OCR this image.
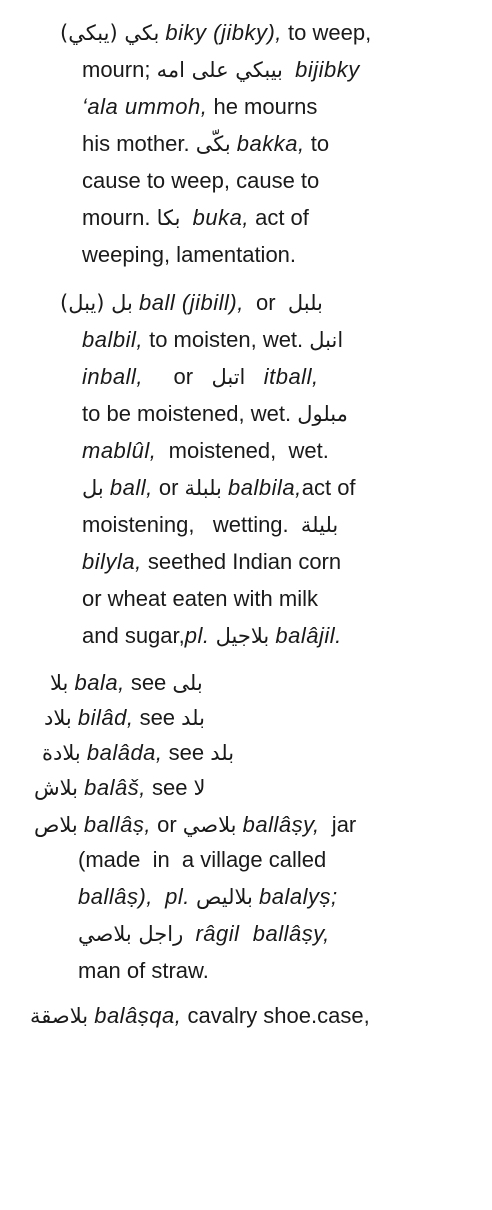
بكي (يبكي) biky (jibky), to weep,
mourn; بيبكي على امه  bijibky
‘ala ummoh, he mourns
his mother. بكّى bakka, to
cause to weep, cause to
mourn. بكا  buka, act of
weeping, lamentation.
بل (يبل) ball (jibill),  or  بلبل
balbil, to moisten, wet. انبل
inball,     or   اتبل   itball,
to be moistened, wet. مبلول
mablûl,  moistened,  wet.
بل ball, or بلبلة balbila,act of
moistening,   wetting.  بليلة
bilyla, seethed Indian corn
or wheat eaten with milk
and sugar,pl. بلاجيل balâjil.
بلا bala, see بلى
بلاد bilâd, see بلد
بلادة balâda, see بلد
بلاش balâš, see لا
بلاص ballâṣ, or بلاصي ballâṣy,  jar
(made  in  a village called
ballâṣ), pl. بلاليص balalyṣ;
راجل بلاصي  râgil  ballâṣy,
man of straw.
بلاصقة balâṣqa, cavalry shoe.case,
